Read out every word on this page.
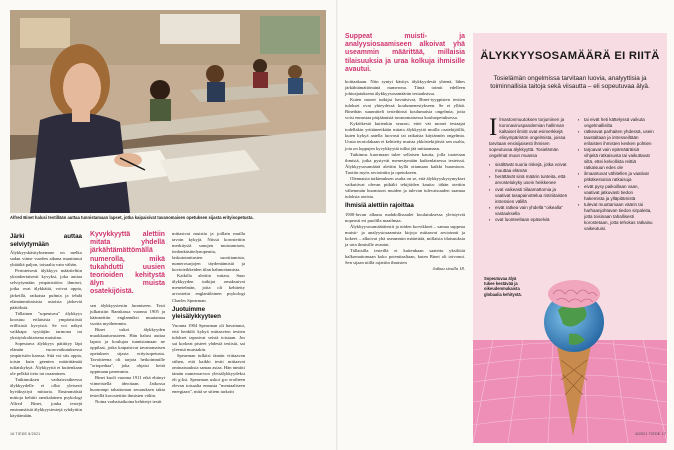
Alfred Binet halusi testillään auttaa tunnistamaan lapset, jotka kaipaisivat tavanomaisen opetuksen sijasta erityisopetusta.
Järki auttaa selviytymään

Älykkyyskäsityksemme on melko sadan viime vuoden aikana muuttunut yhtäältä paljon, toisaalta vain vähän.

Perinteisesti älykkyys määriteltiin yksinkertaisesti kyvyksi, joka auttaa selviytymään ympäristöön: ihmiset, jotka ovat älykkäitä, voivat oppia, järkeillä, ratkaista pulmia ja tehdä elämänmittaisista asioista järkeviä päätöksiä.

Tällainen "sopeutuva" älykkyys koostuu erilaisista ympäristöstä erillisistä kyvyistä. Se voi näkyä vaikkapa syyttäjän tarmona tai yksityiskohtaisena muistina.

Sopeutuva älykkyys pätittiyy läpi elämän vuorovaikutuksessa ympäristön kanssa. Sitä voi siis oppia, toisin kuin geenien määrittämää tuliaiskykyä. Älykkyyttä ei kuitenkaan ole pelkkä tieto tai osaaminen.

Tutkimuksen varhaisvaiheessa älykkyydelle ei ollut yleisesti hyväksyttyä mittaria. Ensimmäisiä mittoja kehitti ranskalainen psykologi Alfred Binet, jonka testejä ensimmäisiä älykkyystestejä ryhdyttiin käyttämään.

Kyvykkyyttä alettiin mitata yhdellä järkähtämättömällä numerolla, mikä tukahdutti uusien teorioiden kehitystä älyn muista osatekijöistä.

sen älykkyystestin luomiseen. Testi julkaistiin Ranskassa vuonna 1905 ja käännettiin englanniksi muutamaa vuotta myöhemmin.

Binet uskoi älykkyyden muokkautuvuuteen. Hän halusi auttaa lapsia ja koulujaa tunnistamaan ne oppilaat, jotka kaipaisivat tavanomaisen opetuksen sijasta erityisopetusta. Tavoitteena oli tarjota heikoimmille "ortopediaa", joka ohjaisi heitä oppimaan paremmin.

Binet kuoli vuonna 1911 eikä ehtinyt viimeistellä ideoitaan. Jatkossa huonompi tahattoman seurauksen takia testeillä korostettiin ihmisten väliin.

Noina varhaisaikoina kehitetyt testit

mittasivat muistia ja joillain muilla tavoin kykyjä. Niissä korostettiin merkitystä sanojen muistamisen, tiedonkäsittelynopeutta, laskutoimitusten suorittamista, numerosarjojen täydentämistä ja kuvioteikkeiden tilan hahmottamista.

Kaikilla alettiin mitata. Suur älykkyyden tutkijat omaksuivat menetelmän, joita oli kehitetty arvostettu englantilainen psykologi Charles Spearman.

Juotuimme yleisälykkyyteen

Vuonna 1904 Spearman oli havainnut, että henkilö kykyä mittaavien testien tulokset tapasivat seistä toisiaan. Jos sai korkeat pisteet yhdestä testistä, sai yleensä muistakin.

Spearman tulkitsi tämän viittaavan siihen, että kaikki testit mittaavat ominaisuuksia samaa asiaa. Hän nimitti tämän numeroarvon yleisälykkyydeksi eli g:ksi. Spearman uskoi g:n eroiheen elevan toisaalta ennusta "mentaaliseen energiaan", mitä se sittem tarkoitt

16 TIEDE 8/2021
Suppeat muisti- ja analyysiosaamiseen alkoivat yhä useammin määrittää, millaisia tilaisuuksia ja uraa kolkuja ihmisille avautui.

koittaakaan. Niin syntyi käsitys älykkyydestä yhtenä, lähes järkähtämättömänä numerona. Tämä toimii edelleen johtoajatuksena älykkyysosamäärän testauksissa.

Kuten monet tutkijat havaitsivat, Binet-tyyppisten testien tulokset ovat yhteydessä koulumenestykseen. Se ei yllätä. Binethän suunnitteli testeihinsä koulumaisia ongelmia, jotta voisi ennustaa pärjäämistä tavanomaisessa kouluopetuksessa.

Kyköikestä kuitenkin seurasi, ettei vät monet testaajat todellakin yrittäneetkään mitata älykkyyttä muilla osatekijöillä, kuten kykyä aatella luovasti tai ratkaista käytännön ongelmia. Uusia teoriolakaan ei kehitetty muista ykköstekijöistä sen osalta, jota on loppujen kyvykkyyttä tullut jää mittaamaan.

Tutkimus kuormaan tulee sellaisen kautta, jolla tuotetaan ihmisiä, jotka pystyvät menestymään kaikenlaisessa testeissä. Älykkyysosamäärä alettiin kyllä ottamaan kaikki huomioon. Tuotiin myös arviointiin ja opetukseen.

Olennaista tutkimuksen osalta on se, että älykkyyskysymykset vaikuttivat olevan pitkälti tekijöiden kautta: tähän otettiin vähemmän huomioon muiden ja tulevan tulevaisuuden saamaa tuloksia aseista.

Ihmisiä alettiin rajoittaa

1900-luvun alkuna mahdollisuudet koulutuksessa yleistyivät nopeasti eri puolilla maailmaa.

Älykkyysosamäärätestit ja niiden korvikkeet – samaa suppeaa muisti- ja analyysiosaamista kirjoja mittaavat arvioinnit ja kokeet – alkoivat yhä useammin määrittää, millaisia tilaisuuksia ja uria ihmisille avautui.

Tällaisilla testeillä ei kuitenkaan saatettu yksilöitä halkomattomaan koko potentiaaliaan, kuten Binet oli toivonut. Sen sijaan niillä rajattiin ihmisten

Jatkuu sivulla 18.

ÄLYKKYYSOSAMÄÄRÄ EI RIITÄ
Tosielämän ongelmissa tarvitaan luovia, analyyttisia ja toiminnallisia taitoja sekä viisautta – eli sopeutuvaa älyä.
I lmastonmuutoksen torjuminen ja koronaviruspandemian hallinnan kaltaiset ilmiöt ovat esimerkkejä elinympäristön ongelmista, joissa tarvitaan ensisijaisesti ihmisen sopeutuvaa älykkyyttä. Tosielämän ongelmat muun muassa
▪ sisältävät suuria riskejä, jotka voivat muuttaa elämän
▪ herättävät sinä määrin tunteita, että arvostelukyky usein heikkenee
▪ ovat vaikeasti tiilaamattomia ja vaativat tasapainottelua ristiriitaisten intressien välillä
▪ eivät ratkea vain yhdellä "oikealla" vastauksella
▪ ovat luonteeltaan epäselviä
▪ tai eivät heti kättelyssä vaikuta ongelmallisilta
▪ ratkeavat parhaiten yhdessä, usein taustaltaan ja intresseiltään erilaisten ihmisten kesken pohtien
▪ tarjoavat vain epämääräisiä vihjeitä ratkaisusta tai vaikuttavat siltä, ettei kelvollista reittiä ratkaisuun edes ole
▪ ilmaantuvat vähitellen ja vaativat pitkäkestoisia ratkaisuja
▪ eivät pysy paikoillaan vaan, vaativat jatkuvasti tiedon hakemista ja ylläpitämistä
▪ tulevat muuttamaan väärin tai harhaanjohtavan tiedon sirpaleita, jotta toisinaan tahallisesti korostetaan, jotta tehokas ratkaisu vaikeutuisi.
Sopeutuvaa älyä tukee kestävää ja oikeudenmukaista globaalia kehitystä.
8/2021 TIEDE 17
